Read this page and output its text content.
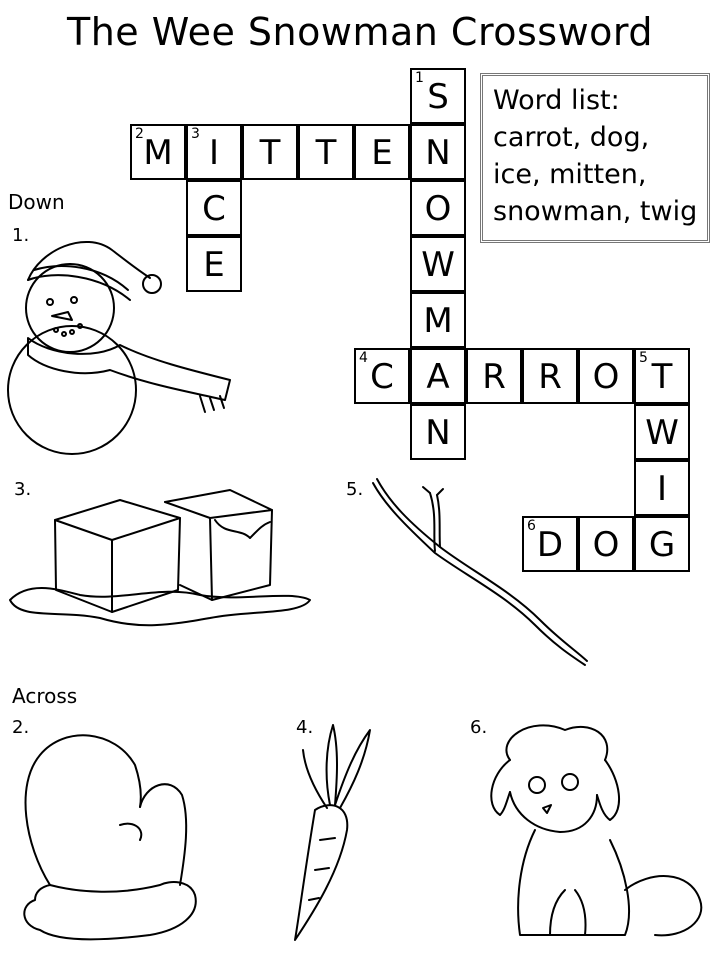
The Wee Snowman Crossword
1 S
2 M	3 I	T	T	E N
C	O
E	W
M
4 C A R R O	5 T
N	W
I
6 D O G
Word list:
carrot, dog,
ice, mitten,
snowman, twig
Down
Across
1.
3.	5.
2.	4.	6.
